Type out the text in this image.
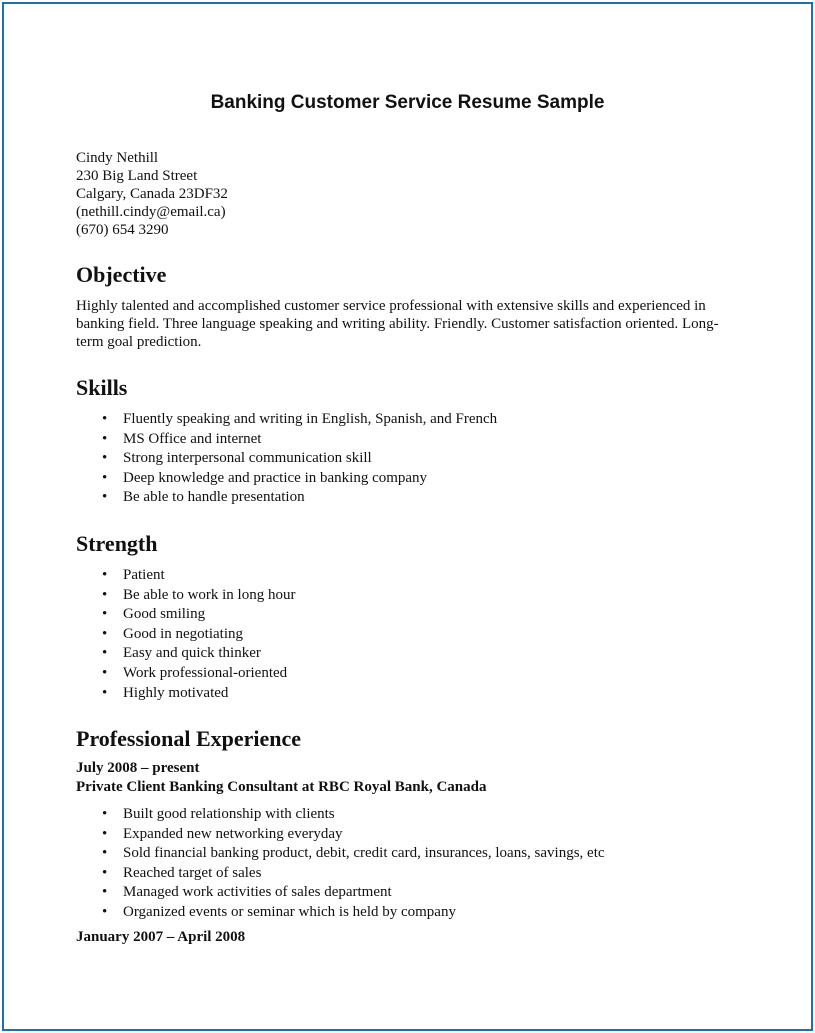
Banking Customer Service Resume Sample
Cindy Nethill
230 Big Land Street
Calgary, Canada 23DF32
(nethill.cindy@email.ca)
(670) 654 3290
Objective

Highly talented and accomplished customer service professional with extensive skills and experienced in banking field. Three language speaking and writing ability. Friendly. Customer satisfaction oriented. Long-term goal prediction.

Skills
• Fluently speaking and writing in English, Spanish, and French
• MS Office and internet
• Strong interpersonal communication skill
• Deep knowledge and practice in banking company
• Be able to handle presentation
Strength
• Patient
• Be able to work in long hour
• Good smiling
• Good in negotiating
• Easy and quick thinker
• Work professional-oriented
• Highly motivated
Professional Experience
July 2008 – present
Private Client Banking Consultant at RBC Royal Bank, Canada
• Built good relationship with clients
• Expanded new networking everyday
• Sold financial banking product, debit, credit card, insurances, loans, savings, etc
• Reached target of sales
• Managed work activities of sales department
• Organized events or seminar which is held by company
January 2007 – April 2008
